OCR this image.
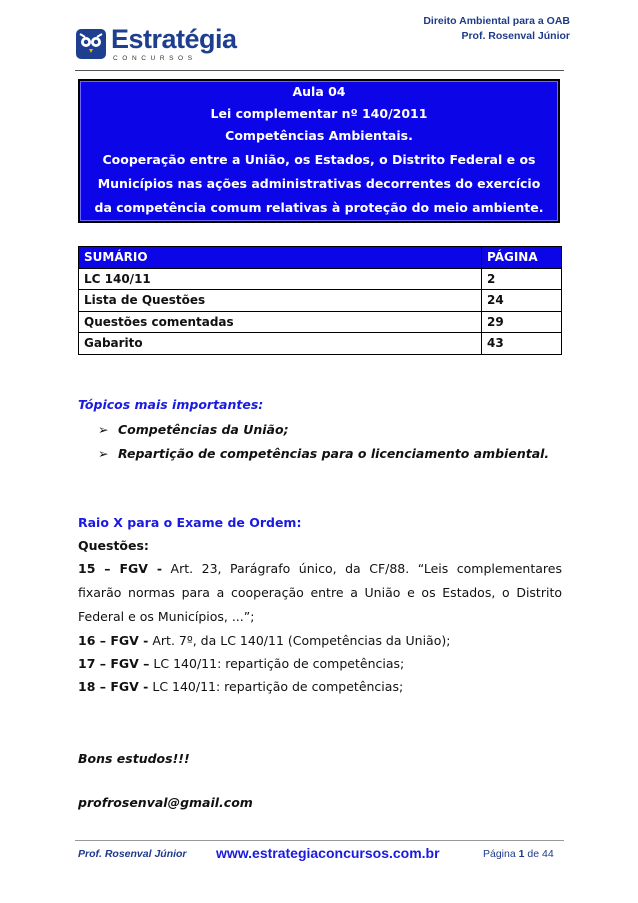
Direito Ambiental para a OAB
Prof. Rosenval Júnior
Estratégia
CONCURSOS
Aula 04
Lei complementar nº 140/2011
Competências Ambientais.
Cooperação entre a União, os Estados, o Distrito Federal e os
Municípios nas ações administrativas decorrentes do exercício
da competência comum relativas à proteção do meio ambiente.
SUMÁRIO	PÁGINA
LC 140/11	2
Lista de Questões	24
Questões comentadas	29
Gabarito	43
Tópicos mais importantes:
➢ Competências da União;
➢ Repartição de competências para o licenciamento ambiental.
Raio X para o Exame de Ordem:
Questões:
15 – FGV - Art. 23, Parágrafo único, da CF/88. “Leis complementares
fixarão normas para a cooperação entre a União e os Estados, o Distrito
Federal e os Municípios, ...”;
16 – FGV - Art. 7º, da LC 140/11 (Competências da União);
17 – FGV – LC 140/11: repartição de competências;
18 – FGV - LC 140/11: repartição de competências;
Bons estudos!!!
profrosenval@gmail.com
Prof. Rosenval Júnior www.estrategiaconcursos.com.br	Página 1 de 44
